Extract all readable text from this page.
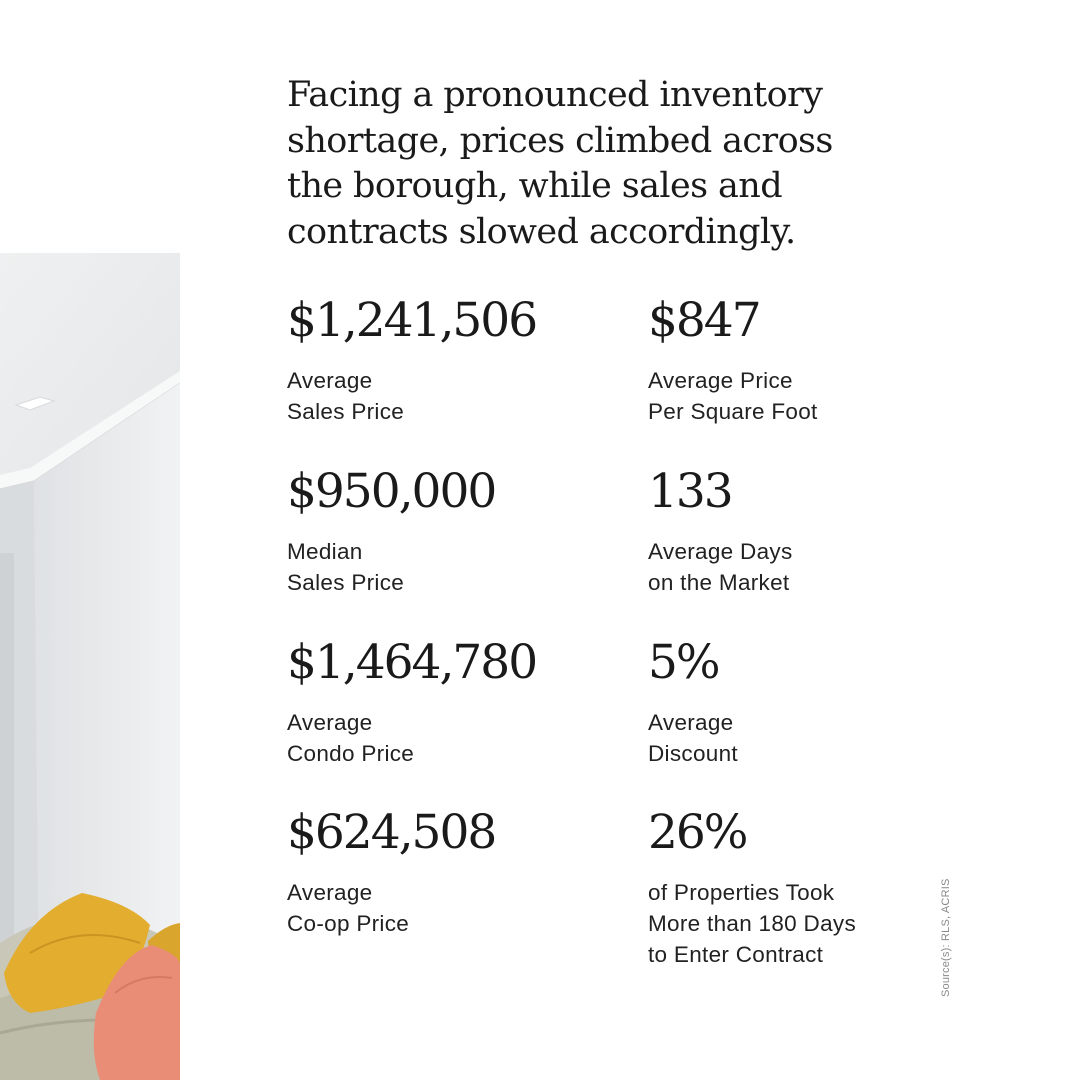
Facing a pronounced inventory
shortage, prices climbed across
the borough, while sales and
contracts slowed accordingly.
$1,241,506
Average
Sales Price
$847
Average Price
Per Square Foot
$950,000
Median
Sales Price
133
Average Days
on the Market
$1,464,780
Average
Condo Price
5%
Average
Discount
$624,508
Average
Co-op Price
26%
of Properties Took
More than 180 Days
to Enter Contract	Source(s): RLS, ACRIS
